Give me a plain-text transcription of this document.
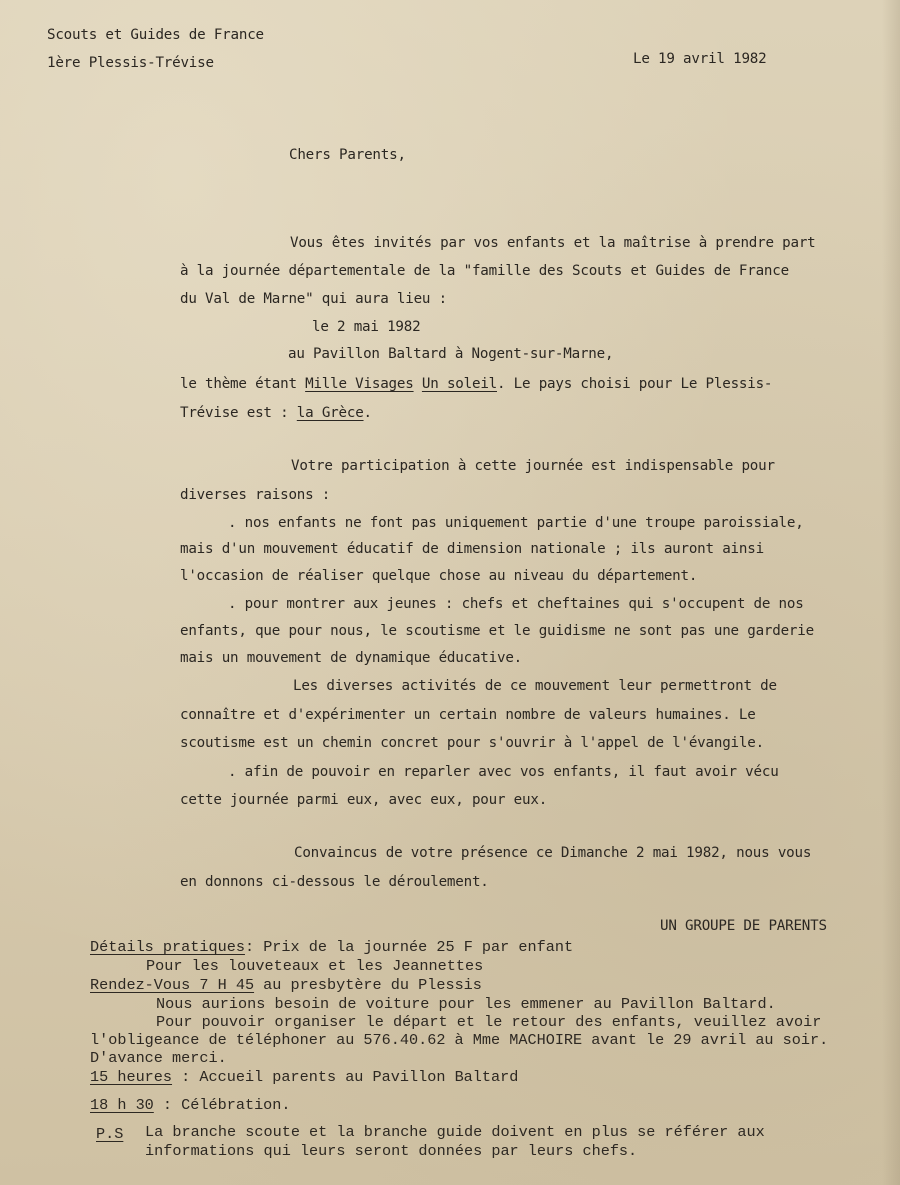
Scouts et Guides de France
1ère Plessis-Trévise	Le 19 avril 1982
Chers Parents,
Vous êtes invités par vos enfants et la maîtrise à prendre part
à la journée départementale de la "famille des Scouts et Guides de France
du Val de Marne" qui aura lieu :
le 2 mai 1982
au Pavillon Baltard à Nogent-sur-Marne,
le thème étant Mille Visages Un soleil. Le pays choisi pour Le Plessis-
Trévise est : la Grèce.
Votre participation à cette journée est indispensable pour
diverses raisons :
. nos enfants ne font pas uniquement partie d'une troupe paroissiale,
mais d'un mouvement éducatif de dimension nationale ; ils auront ainsi
l'occasion de réaliser quelque chose au niveau du département.
. pour montrer aux jeunes : chefs et cheftaines qui s'occupent de nos
enfants, que pour nous, le scoutisme et le guidisme ne sont pas une garderie
mais un mouvement de dynamique éducative.
Les diverses activités de ce mouvement leur permettront de
connaître et d'expérimenter un certain nombre de valeurs humaines. Le
scoutisme est un chemin concret pour s'ouvrir à l'appel de l'évangile.
. afin de pouvoir en reparler avec vos enfants, il faut avoir vécu
cette journée parmi eux, avec eux, pour eux.
Convaincus de votre présence ce Dimanche 2 mai 1982, nous vous
en donnons ci-dessous le déroulement.
UN GROUPE DE PARENTS
Détails pratiques: Prix de la journée 25 F par enfant
Pour les louveteaux et les Jeannettes
Rendez-Vous 7 H 45 au presbytère du Plessis
Nous aurions besoin de voiture pour les emmener au Pavillon Baltard.
Pour pouvoir organiser le départ et le retour des enfants, veuillez avoir
l'obligeance de téléphoner au 576.40.62 à Mme MACHOIRE avant le 29 avril au soir.
D'avance merci.
15 heures : Accueil parents au Pavillon Baltard
18 h 30 : Célébration.
P.S La branche scoute et la branche guide doivent en plus se référer aux
informations qui leurs seront données par leurs chefs.
